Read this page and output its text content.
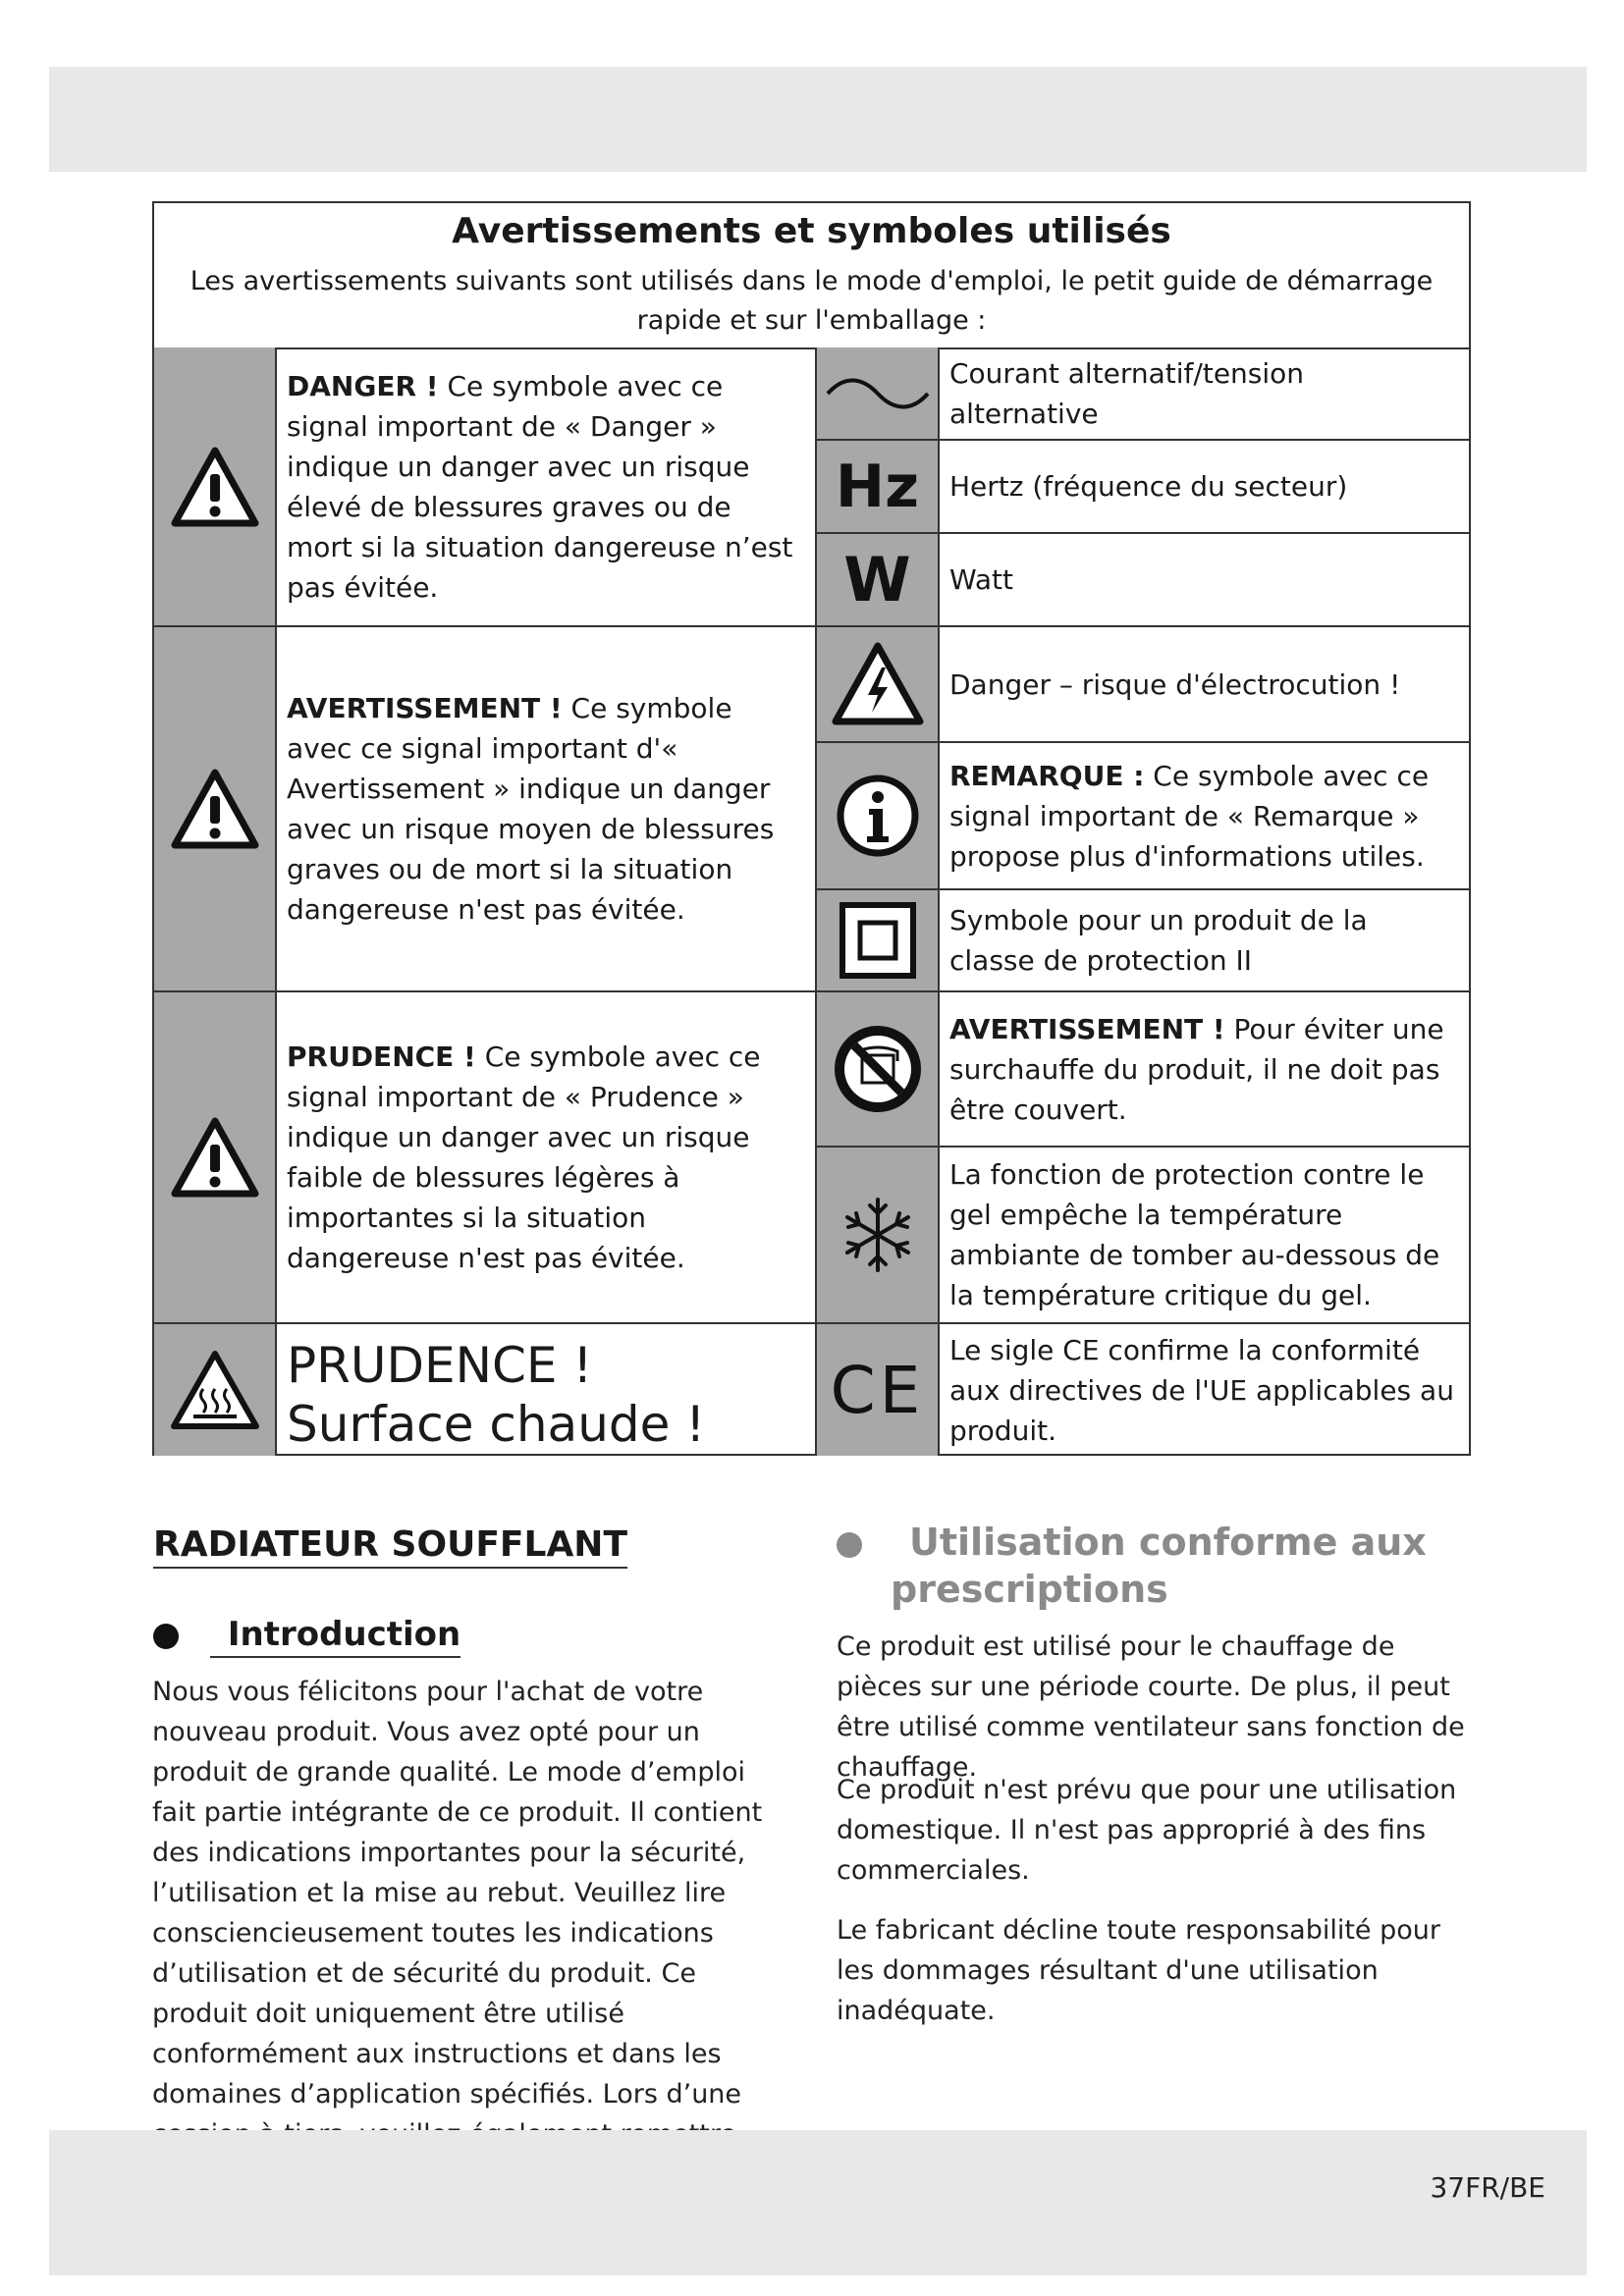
Avertissements et symboles utilisés
Les avertissements suivants sont utilisés dans le mode d'emploi, le petit guide de démarrage rapide et sur l'emballage :
DANGER ! Ce symbole avec ce signal important de « Danger » indique un danger avec un risque élevé de blessures graves ou de mort si la situation dangereuse n’est pas évitée.
AVERTISSEMENT ! Ce symbole avec ce signal important d'« Avertissement » indique un danger avec un risque moyen de blessures graves ou de mort si la situation dangereuse n'est pas évitée.
PRUDENCE ! Ce symbole avec ce signal important de « Prudence » indique un danger avec un risque faible de blessures légères à importantes si la situation dangereuse n'est pas évitée.
PRUDENCE !
Surface chaude !
Courant alternatif/tension alternative
Hz Hertz (fréquence du secteur)
W Watt
Danger – risque d'électrocution !
REMARQUE : Ce symbole avec ce signal important de « Remarque » propose plus d'informations utiles.
Symbole pour un produit de la classe de protection II
AVERTISSEMENT ! Pour éviter une surchauffe du produit, il ne doit pas être couvert.
La fonction de protection contre le gel empêche la température ambiante de tomber au-dessous de la température critique du gel.
CE
Le sigle CE confirme la conformité aux directives de l'UE applicables au produit.
RADIATEUR SOUFFLANT
Introduction
Nous vous félicitons pour l'achat de votre nouveau produit. Vous avez opté pour un produit de grande qualité. Le mode d’emploi fait partie intégrante de ce produit. Il contient des indications importantes pour la sécurité, l’utilisation et la mise au rebut. Veuillez lire consciencieusement toutes les indications d’utilisation et de sécurité du produit. Ce produit doit uniquement être utilisé conformément aux instructions et dans les domaines d’application spécifiés. Lors d’une
Utilisation conforme aux
prescriptions
Ce produit est utilisé pour le chauffage de pièces sur une période courte. De plus, il peut être utilisé comme ventilateur sans fonction de chauffage.
Ce produit n'est prévu que pour une utilisation domestique. Il n'est pas approprié à des fins commerciales.
Le fabricant décline toute responsabilité pour les dommages résultant d'une utilisation inadéquate.
37FR/BE
